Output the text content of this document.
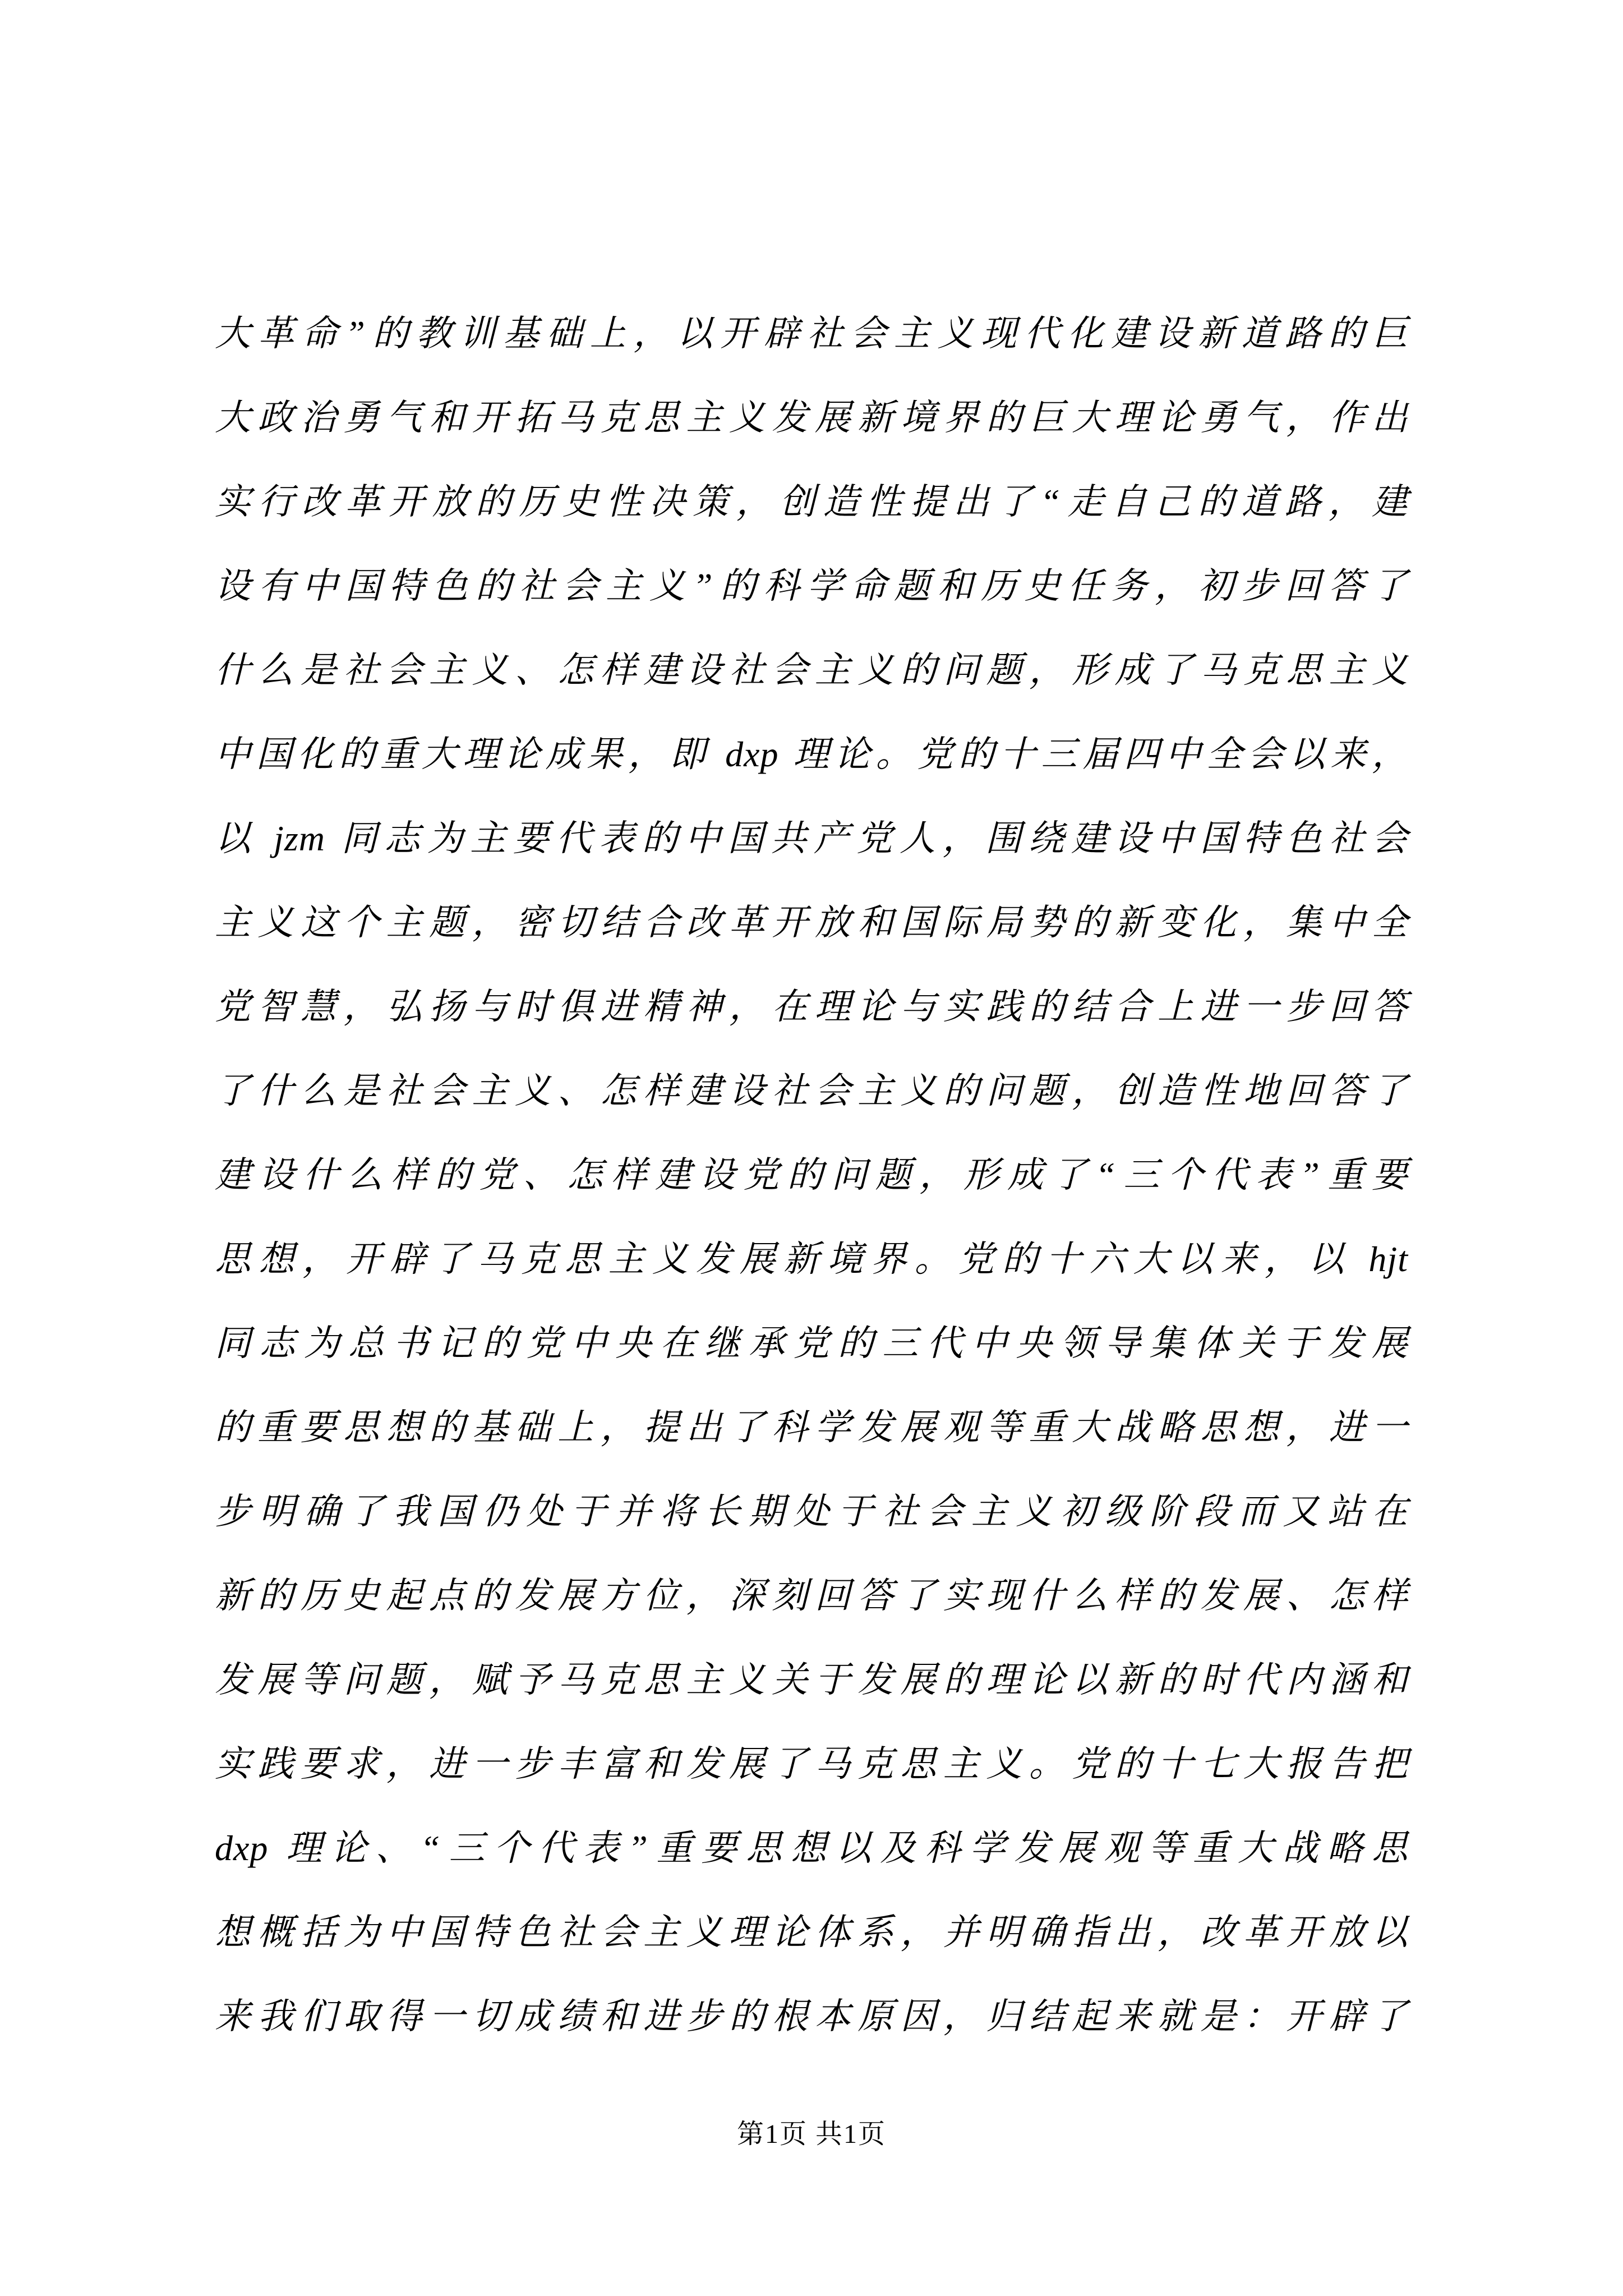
大革命”的教训基础上，以开辟社会主义现代化建设新道路的巨
大政治勇气和开拓马克思主义发展新境界的巨大理论勇气，作出
实行改革开放的历史性决策，创造性提出了“走自己的道路，建
设有中国特色的社会主义”的科学命题和历史任务，初步回答了
什么是社会主义、怎样建设社会主义的问题，形成了马克思主义
中国化的重大理论成果，即 dxp 理论。党的十三届四中全会以来，
以 jzm 同志为主要代表的中国共产党人，围绕建设中国特色社会
主义这个主题，密切结合改革开放和国际局势的新变化，集中全
党智慧，弘扬与时俱进精神，在理论与实践的结合上进一步回答
了什么是社会主义、怎样建设社会主义的问题，创造性地回答了
建设什么样的党、怎样建设党的问题，形成了“三个代表”重要
思想，开辟了马克思主义发展新境界。党的十六大以来，以 hjt
同志为总书记的党中央在继承党的三代中央领导集体关于发展
的重要思想的基础上，提出了科学发展观等重大战略思想，进一
步明确了我国仍处于并将长期处于社会主义初级阶段而又站在
新的历史起点的发展方位，深刻回答了实现什么样的发展、怎样
发展等问题，赋予马克思主义关于发展的理论以新的时代内涵和
实践要求，进一步丰富和发展了马克思主义。党的十七大报告把
dxp 理论、“三个代表”重要思想以及科学发展观等重大战略思
想概括为中国特色社会主义理论体系，并明确指出，改革开放以
来我们取得一切成绩和进步的根本原因，归结起来就是：开辟了
第1页 共1页
